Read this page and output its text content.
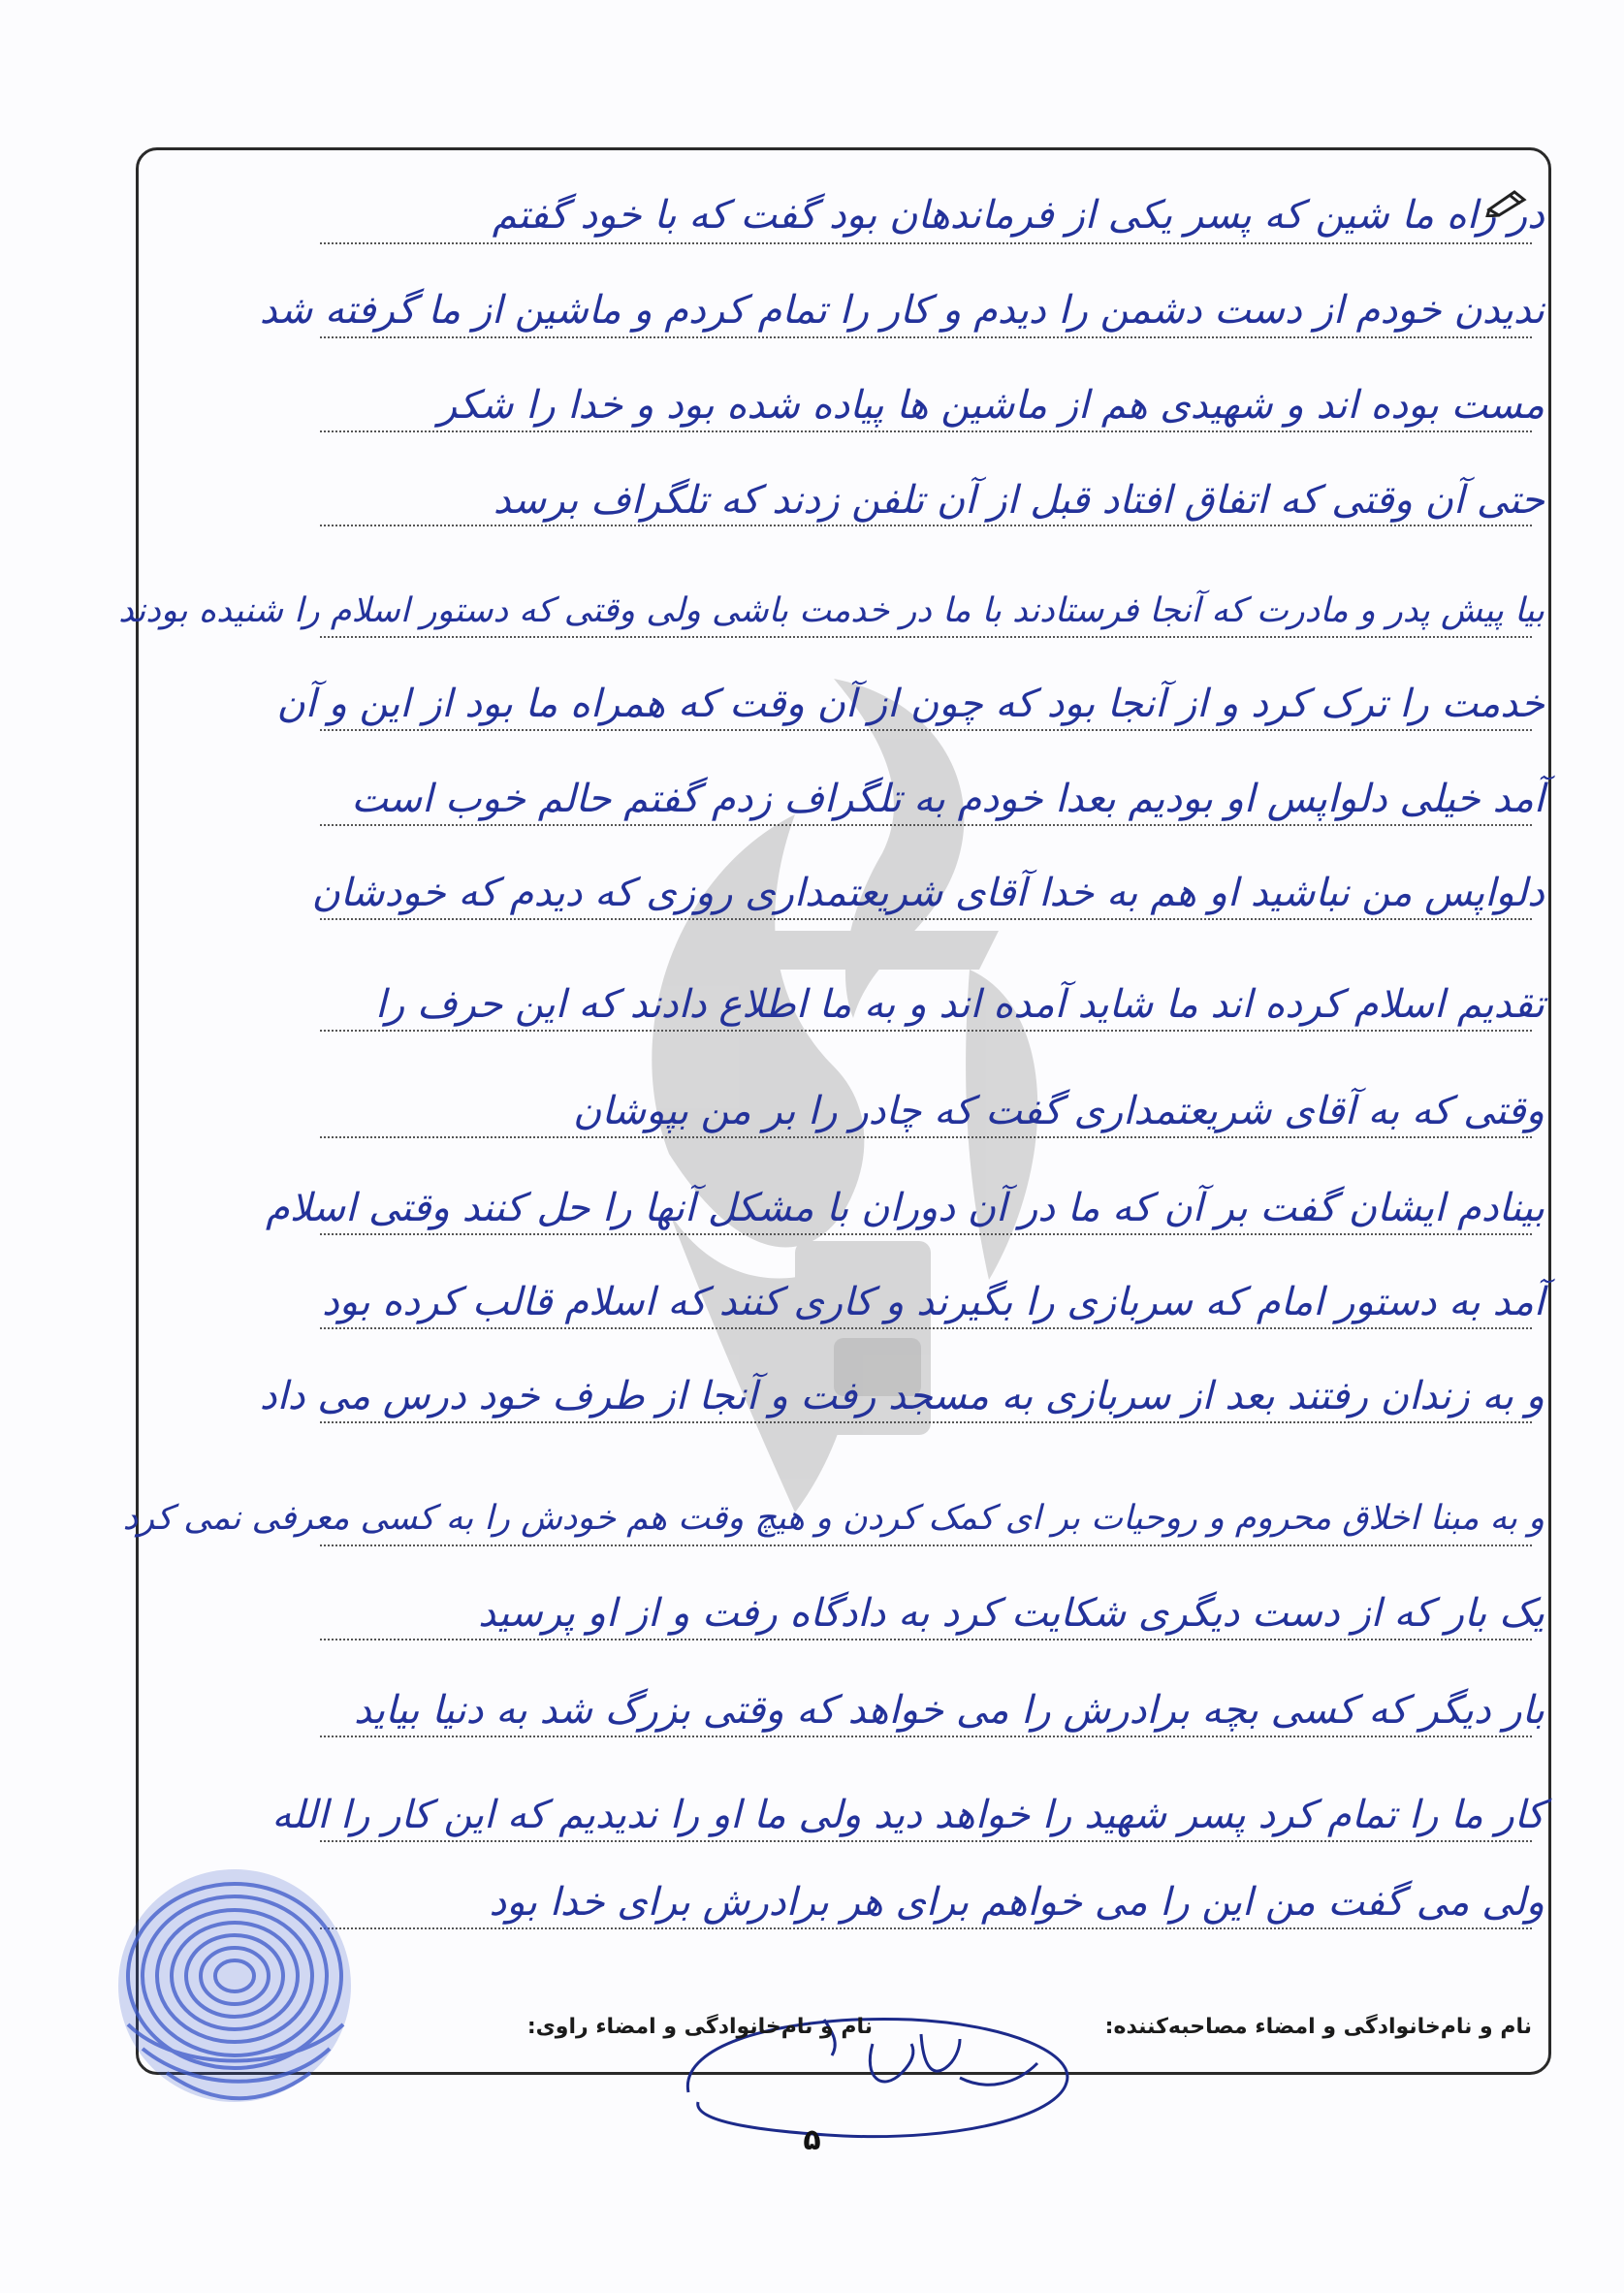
در راه ما شین که پسر یکی از فرماندهان بود گفت که با خود گفتم
ندیدن خودم از دست دشمن را دیدم و کار را تمام کردم و ماشین از ما گرفته شد
مست بوده اند و شهیدی هم از ماشین ها پیاده شده بود و خدا را شکر
حتی آن وقتی که اتفاق افتاد قبل از آن تلفن زدند که تلگراف برسد
بیا پیش پدر و مادرت که آنجا فرستادند با ما در خدمت باشی ولی وقتی که دستور اسلام را شنیده بودند
خدمت را ترک کرد و از آنجا بود که چون از آن وقت که همراه ما بود از این و آن
آمد خیلی دلواپس او بودیم بعدا خودم به تلگراف زدم گفتم حالم خوب است
دلواپس من نباشید او هم به خدا آقای شریعتمداری روزی که دیدم که خودشان
تقدیم اسلام کرده اند ما شاید آمده اند و به ما اطلاع دادند که این حرف را
وقتی که به آقای شریعتمداری گفت که چادر را بر من بپوشان
بینادم ایشان گفت بر آن که ما در آن دوران با مشکل آنها را حل کنند وقتی اسلام
آمد به دستور امام که سربازی را بگیرند و کاری کنند که اسلام قالب کرده بود
و به زندان رفتند بعد از سربازی به مسجد رفت و آنجا از طرف خود درس می داد
و به مبنا اخلاق محروم و روحیات بر ای کمک کردن و هیچ وقت هم خودش را به کسی معرفی نمی کرد
یک بار که از دست دیگری شکایت کرد به دادگاه رفت و از او پرسید
بار دیگر که کسی بچه برادرش را می خواهد که وقتی بزرگ شد به دنیا بیاید
کار ما را تمام کرد پسر شهید را خواهد دید ولی ما او را ندیدیم که این کار را الله
ولی می گفت من این را می خواهم برای هر برادرش برای خدا بود
نام و نام‌خانوادگی و امضاء مصاحبه‌کننده:
نام و نام‌خانوادگی و امضاء راوی:
۵
